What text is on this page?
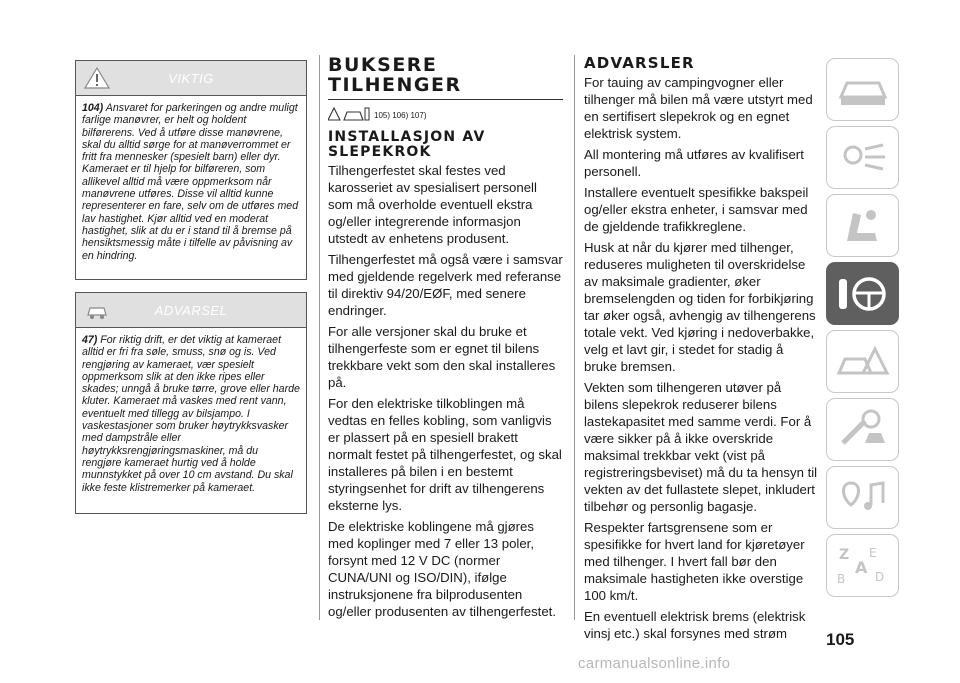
VIKTIG
104) Ansvaret for parkeringen og andre muligt farlige manøvrer, er helt og holdent bilførerens. Ved å utføre disse manøvrene, skal du alltid sørge for at manøverrommet er fritt fra mennesker (spesielt barn) eller dyr. Kameraet er til hjelp for bilføreren, som allikevel alltid må være oppmerksom når manøvrene utføres. Disse vil alltid kunne representerer en fare, selv om de utføres med lav hastighet. Kjør alltid ved en moderat hastighet, slik at du er i stand til å bremse på hensiktsmessig måte i tilfelle av påvisning av en hindring.
ADVARSEL
47) For riktig drift, er det viktig at kameraet alltid er fri fra søle, smuss, snø og is. Ved rengjøring av kameraet, vær spesielt oppmerksom slik at den ikke ripes eller skades; unngå å bruke tørre, grove eller harde kluter. Kameraet må vaskes med rent vann, eventuelt med tillegg av bilsjampo. I vaskestasjoner som bruker høytrykksvasker med dampstråle eller høytrykksrengjøringsmaskiner, må du rengjøre kameraet hurtig ved å holde munnstykket på over 10 cm avstand. Du skal ikke feste klistremerker på kameraet.
BUKSERE TILHENGER
105) 106) 107)
INSTALLASJON AV SLEPEKROK

Tilhengerfestet skal festes ved karosseriet av spesialisert personell som må overholde eventuell ekstra og/eller integrerende informasjon utstedt av enhetens produsent.

Tilhengerfestet må også være i samsvar med gjeldende regelverk med referanse til direktiv 94/20/EØF, med senere endringer.

For alle versjoner skal du bruke et tilhengerfeste som er egnet til bilens trekkbare vekt som den skal installeres på.

For den elektriske tilkoblingen må vedtas en felles kobling, som vanligvis er plassert på en spesiell brakett normalt festet på tilhengerfestet, og skal installeres på bilen i en bestemt styringsenhet for drift av tilhengerens eksterne lys.

De elektriske koblingene må gjøres med koplinger med 7 eller 13 poler, forsynt med 12 V DC (normer CUNA/UNI og ISO/DIN), ifølge instruksjonene fra bilprodusenten og/eller produsenten av tilhengerfestet.

ADVARSLER

For tauing av campingvogner eller tilhenger må bilen må være utstyrt med en sertifisert slepekrok og en egnet elektrisk system.

All montering må utføres av kvalifisert personell.

Installere eventuelt spesifikke bakspeil og/eller ekstra enheter, i samsvar med de gjeldende trafikkreglene.

Husk at når du kjører med tilhenger, reduseres muligheten til overskridelse av maksimale gradienter, øker bremselengden og tiden for forbikjøring tar øker også, avhengig av tilhengerens totale vekt. Ved kjøring i nedoverbakke, velg et lavt gir, i stedet for stadig å bruke bremsen.

Vekten som tilhengeren utøver på bilens slepekrok reduserer bilens lastekapasitet med samme verdi. For å være sikker på å ikke overskride maksimal trekkbar vekt (vist på registreringsbeviset) må du ta hensyn til vekten av det fullastete slepet, inkludert tilbehør og personlig bagasje.

Respekter fartsgrensene som er spesifikke for hvert land for kjøretøyer med tilhenger. I hvert fall bør den maksimale hastigheten ikke overstige 100 km/t.

En eventuell elektrisk brems (elektrisk vinsj etc.) skal forsynes med strøm

Z E
A
B D
105
carmanualsonline.info
